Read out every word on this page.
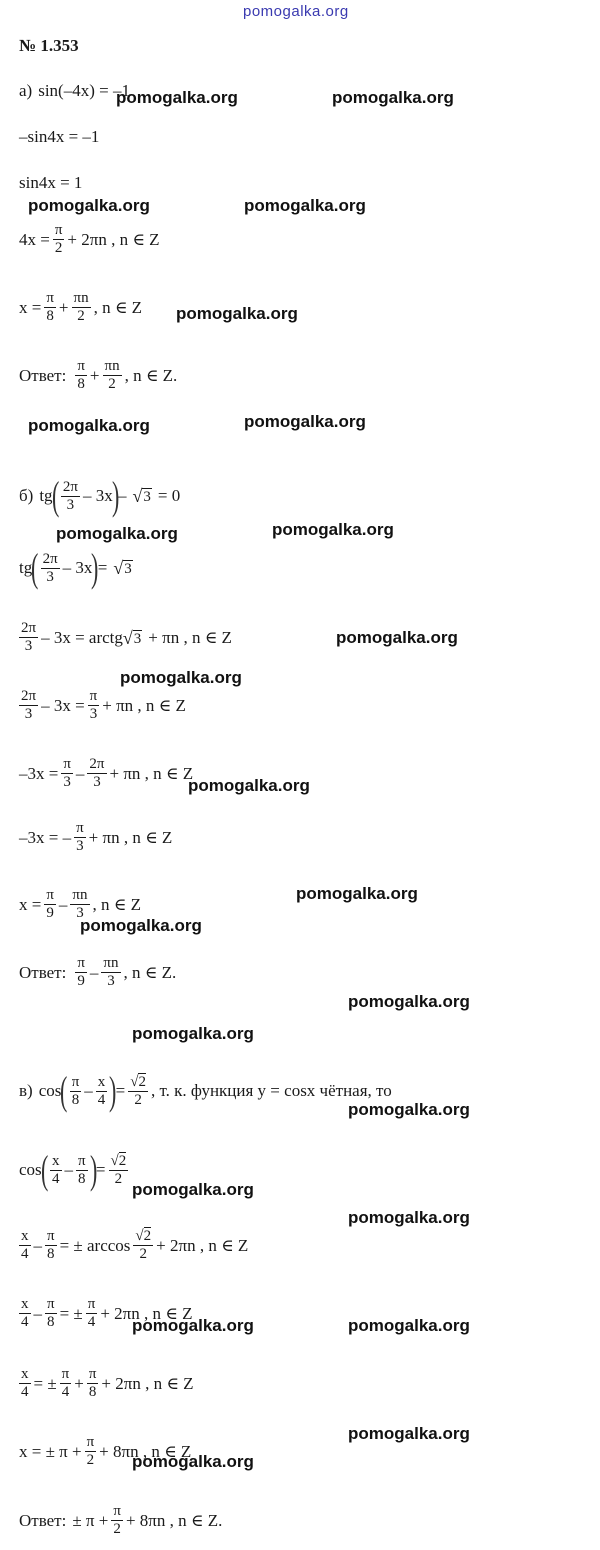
pomogalka.org
№ 1.353
а) sin(–4x) = –1
–sin4x = –1
sin4x = 1
$4x = \frac{\pi}{2} + 2\pi n$ , n ∈ Z
$x = \frac{\pi}{8} + \frac{\pi n}{2}$ , n ∈ Z
Ответ: $\frac{\pi}{8} + \frac{\pi n}{2}$ , n ∈ Z.
б) tg
( $\frac{2\pi}{3} - 3x$
)
– √ 3 = 0
tg
( $\frac{2\pi}{3} - 3x$
)
= √ 3
$\frac{2\pi}{3} - 3x$ = arctg √ 3 + πn , n ∈ Z
$\frac{2\pi}{3} - 3x = \frac{\pi}{3} + \pi n$ , n ∈ Z
$-3x = \frac{\pi}{3} - \frac{2\pi}{3} + \pi n$ , n ∈ Z
–3x = – $\frac{\pi}{3} + \pi n$ , n ∈ Z
$x = \frac{\pi}{9} - \frac{\pi n}{3}$ , n ∈ Z
Ответ: $\frac{\pi}{9} - \frac{\pi n}{3}$ , n ∈ Z.
в) cos
( $\frac{\pi}{8} - \frac{x}{4}$ )
= $\frac{√2}{2}$ , т. к. функция y = cosx чётная, то
cos
( $\frac{x}{4} - \frac{\pi}{8}$ )
= $\frac{√2}{2}$
$\frac{x}{4} - \frac{\pi}{8}$ = ± $\arccos \frac{√2}{2} + 2\pi n$ , n ∈ Z
$\frac{x}{4} - \frac{\pi}{8}$ = ± $\frac{\pi}{4} + 2\pi n$ , n ∈ Z
$\frac{x}{4}$ = ± $\frac{\pi}{4} + \frac{\pi}{8} + 2\pi n$ , n ∈ Z
x = ± $\pi + \frac{\pi}{2} + 8\pi n$ , n ∈ Z
Ответ: ± $\pi + \frac{\pi}{2} + 8\pi n$ , n ∈ Z.
pomogalka.org	pomogalka.org
pomogalka.org	pomogalka.org
pomogalka.org
pomogalka.org	pomogalka.org
pomogalka.org	pomogalka.org
pomogalka.org
pomogalka.org
pomogalka.org
pomogalka.org
pomogalka.org
pomogalka.org
pomogalka.org
pomogalka.org
pomogalka.org
pomogalka.org
pomogalka.org	pomogalka.org
pomogalka.org
pomogalka.org
